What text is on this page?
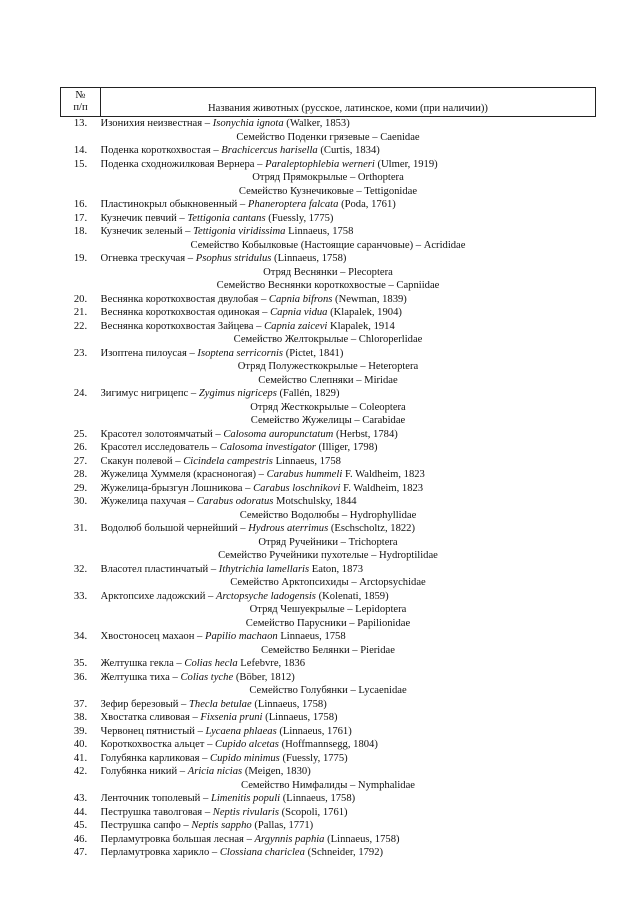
№
п/п	Названия животных (русское, латинское, коми (при наличии))
13.	Изонихия неизвестная – Isonychia ignota (Walker, 1853)
Семейство Поденки грязевые – Caenidae	
14.	Поденка короткохвостая – Brachicercus harisella (Curtis, 1834)
15.	Поденка сходножилковая Вернера – Paraleptophlebia werneri (Ulmer, 1919)
Отряд Прямокрылые – Orthoptera	
Семейство Кузнечиковые – Tettigonidae	
16.	Пластинокрыл обыкновенный – Phaneroptera falcata (Poda, 1761)
17.	Кузнечик певчий – Tettigonia cantans (Fuessly, 1775)
18.	Кузнечик зеленый – Tettigonia viridissima Linnaeus, 1758
Семейство Кобылковые (Настоящие саранчовые) – Acrididae	
19.	Огневка трескучая – Psophus stridulus (Linnaeus, 1758)
Отряд Веснянки – Plecoptera	
Семейство Веснянки короткохвостые – Capniidae	
20.	Веснянка короткохвостая двулобая – Capnia bifrons (Newman, 1839)
21.	Веснянка короткохвостая одинокая – Capnia vidua (Klapalek, 1904)
22.	Веснянка короткохвостая Зайцева – Capnia zaicevi Klapalek, 1914
Семейство Желтокрылые – Chloroperlidae	
23.	Изоптена пилоусая – Isoptena serricornis (Pictet, 1841)
Отряд Полужесткокрылые – Heteroptera	
Семейство Слепняки – Miridae	
24.	Зигимус нигрицепс – Zygimus nigriceps (Fallén, 1829)
Отряд Жесткокрылые – Coleoptera	
Семейство Жужелицы – Carabidae	
25.	Красотел золотоямчатый – Calosoma auropunctatum (Herbst, 1784)
26.	Красотел исследователь – Calosoma investigator (Illiger, 1798)
27.	Скакун полевой – Cicindela campestris Linnaeus, 1758
28.	Жужелица Хуммеля (красноногая) – Carabus hummeli F. Waldheim, 1823
29.	Жужелица-брызгун Лошникова – Carabus loschnikovi F. Waldheim, 1823
30.	Жужелица пахучая – Carabus odoratus Motschulsky, 1844
Семейство Водолюбы – Hydrophyllidae	
31.	Водолюб большой чернейший – Hydrous aterrimus (Eschscholtz, 1822)
Отряд Ручейники – Trichoptera	
Семейство Ручейники пухотелые – Hydroptilidae	
32.	Власотел пластинчатый – Ithytrichia lamellaris Eaton, 1873
Семейство Арктопсихиды – Arctopsychidae	
33.	Арктопсихе ладожский – Arctopsyche ladogensis (Kolenati, 1859)
Отряд Чешуекрылые – Lepidoptera	
Семейство Парусники – Papilionidae	
34.	Хвостоносец махаон – Papilio machaon Linnaeus, 1758
Семейство Белянки – Pieridae	
35.	Желтушка гекла – Colias hecla Lefebvre, 1836
36.	Желтушка тиха – Colias tyche (Böber, 1812)
Семейство Голубянки – Lycaenidae	
37.	Зефир березовый – Thecla betulae (Linnaeus, 1758)
38.	Хвостатка сливовая – Fixsenia pruni (Linnaeus, 1758)
39.	Червонец пятнистый – Lycaena phlaeas (Linnaeus, 1761)
40.	Короткохвостка альцет – Cupido alcetas (Hoffmannsegg, 1804)
41.	Голубянка карликовая – Cupido minimus (Fuessly, 1775)
42.	Голубянка никий – Aricia nicias (Meigen, 1830)
Семейство Нимфалиды – Nymphalidae	
43.	Ленточник тополевый – Limenitis populi (Linnaeus, 1758)
44.	Пеструшка таволговая – Neptis rivularis (Scopoli, 1761)
45.	Пеструшка сапфо – Neptis sappho (Pallas, 1771)
46.	Перламутровка большая лесная – Argynnis paphia (Linnaeus, 1758)
47.	Перламутровка харикло – Clossiana chariclea (Schneider, 1792)
